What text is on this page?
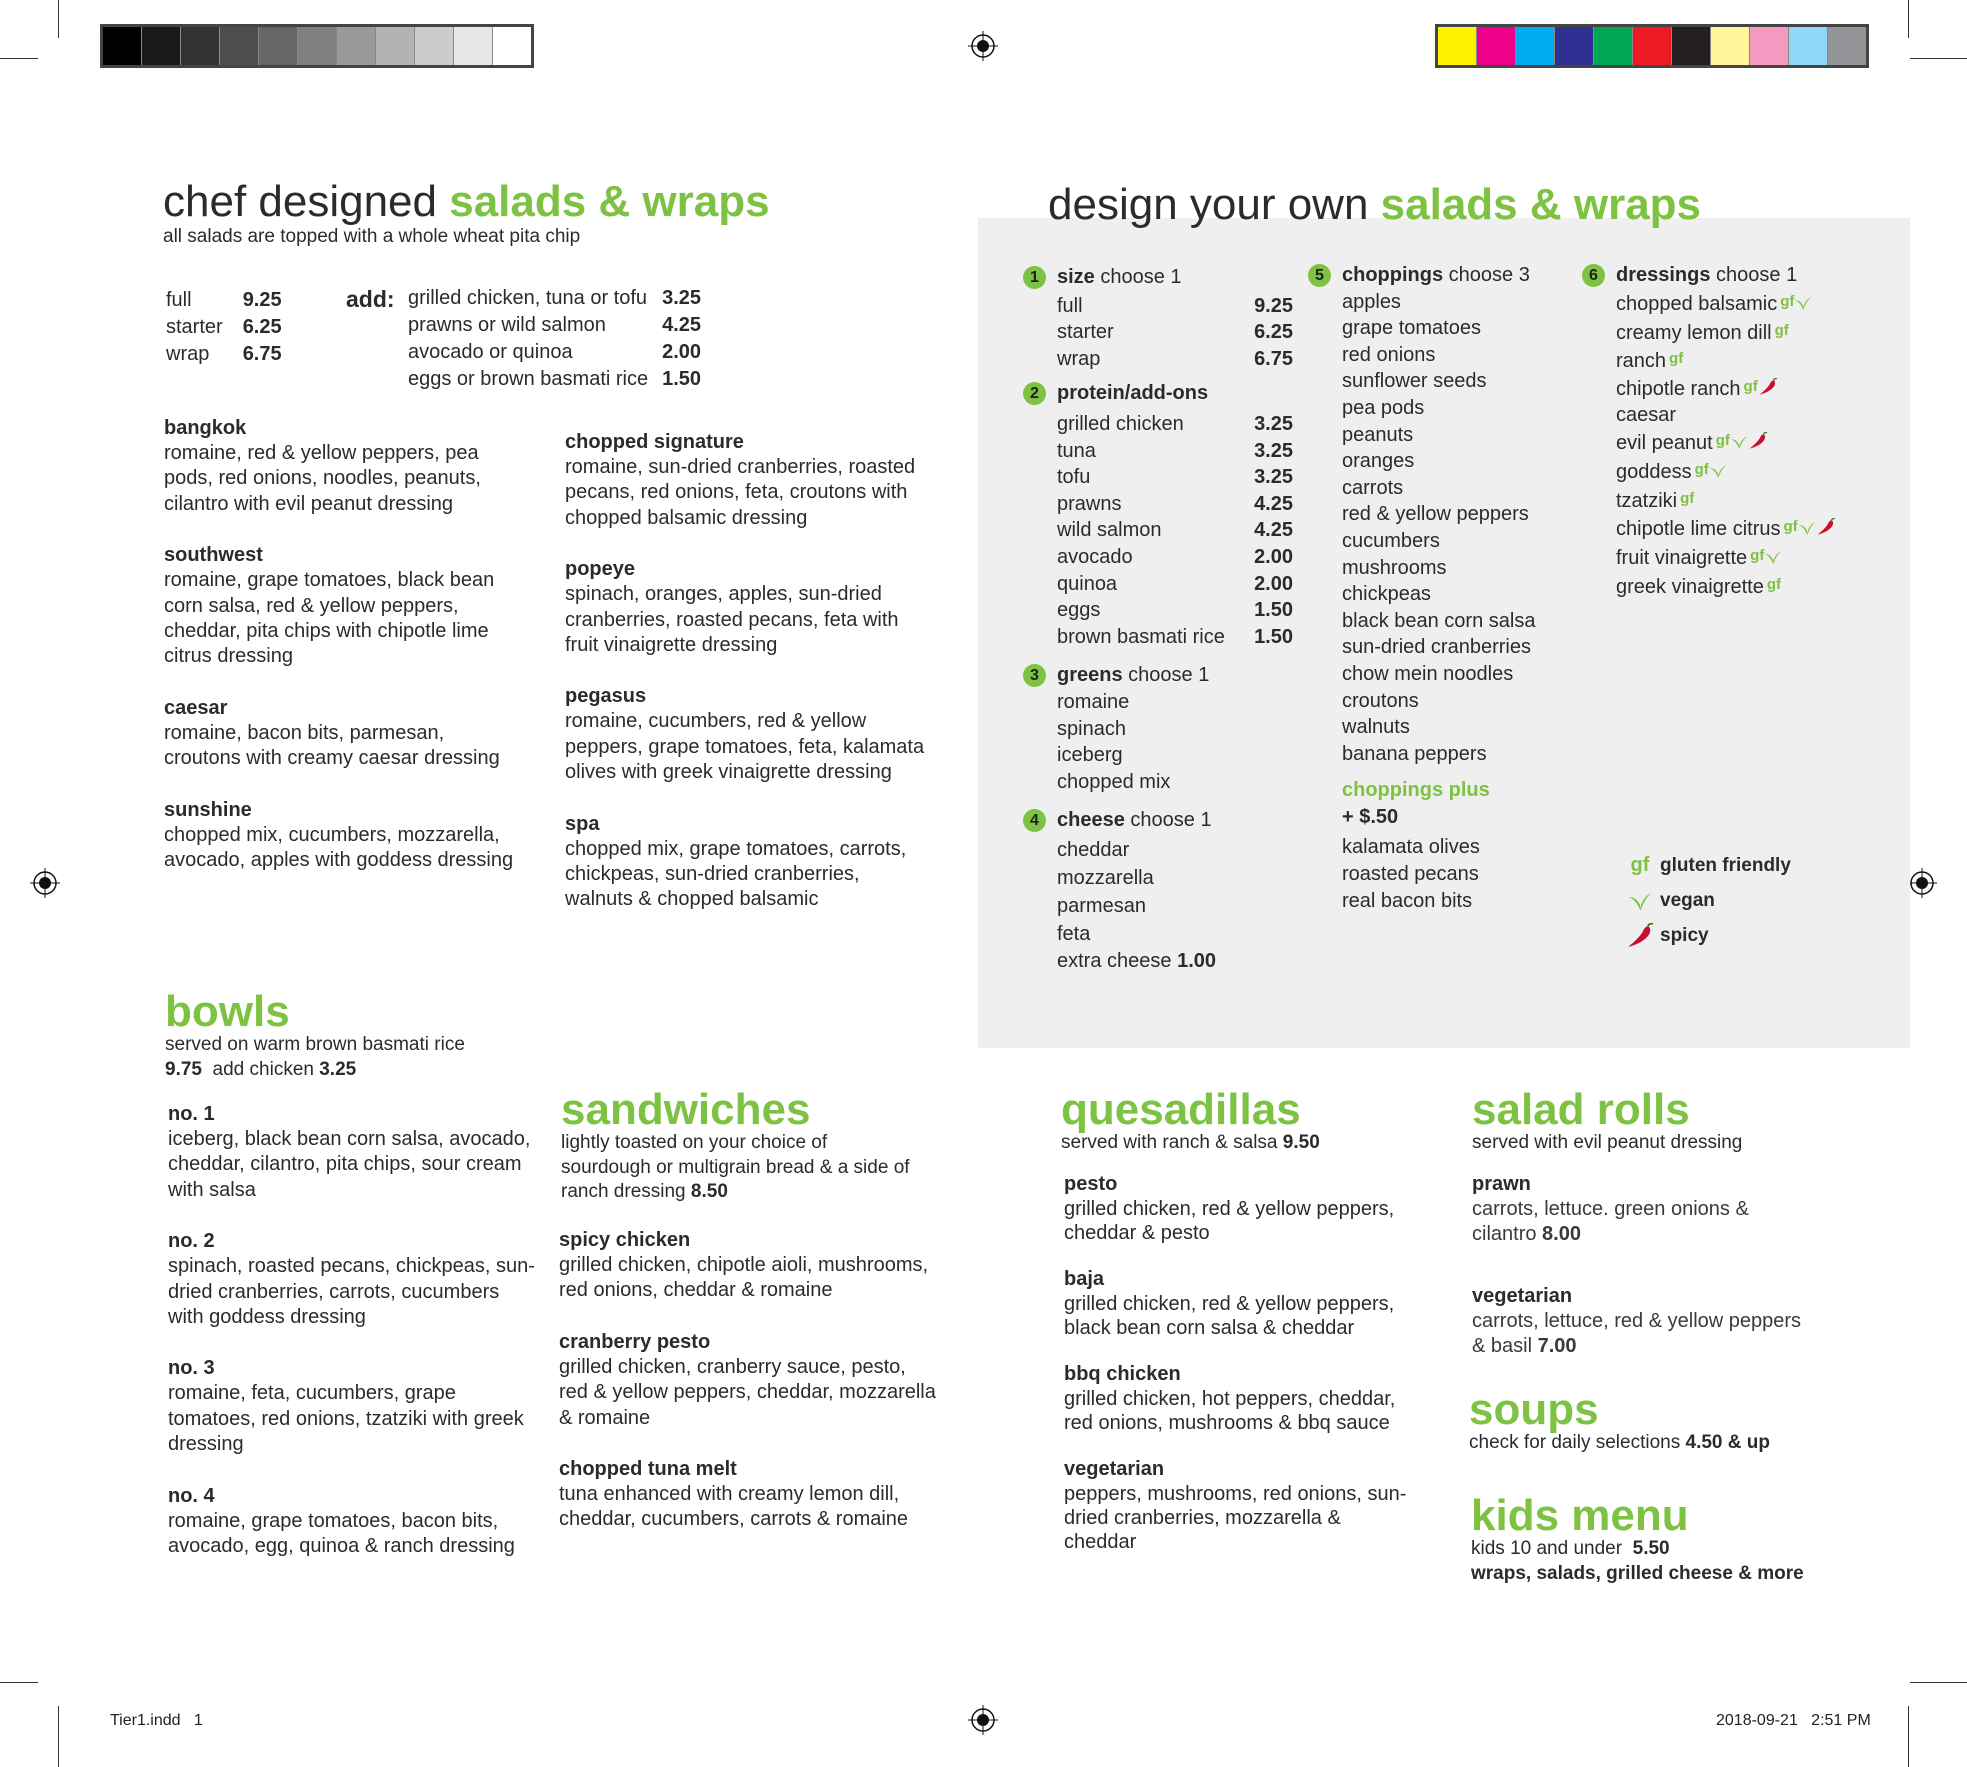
Tier1.indd   1	2018-09-21   2:51 PM
chef designed salads & wraps
all salads are topped with a whole wheat pita chip
full	9.25
starter	6.25
wrap	6.75
add: grilled chicken, tuna or tofu	3.25
prawns or wild salmon	4.25
avocado or quinoa	2.00
eggs or brown basmati rice	1.50
bangkok
romaine, red & yellow peppers, pea pods, red onions, noodles, peanuts, cilantro with evil peanut dressing
southwest
romaine, grape tomatoes, black bean corn salsa, red & yellow peppers, cheddar, pita chips with chipotle lime citrus dressing
caesar
romaine, bacon bits, parmesan, croutons with creamy caesar dressing
sunshine
chopped mix, cucumbers, mozzarella, avocado, apples with goddess dressing
chopped signature
romaine, sun-dried cranberries, roasted pecans, red onions, feta, croutons with chopped balsamic dressing
popeye
spinach, oranges, apples, sun-dried cranberries, roasted pecans, feta with fruit vinaigrette dressing
pegasus
romaine, cucumbers, red & yellow peppers, grape tomatoes, feta, kalamata olives with greek vinaigrette dressing
spa
chopped mix, grape tomatoes, carrots, chickpeas, sun-dried cranberries, walnuts & chopped balsamic
bowls
served on warm brown basmati rice
9.75 add chicken 3.25
no. 1
iceberg, black bean corn salsa, avocado, cheddar, cilantro, pita chips, sour cream with salsa
no. 2
spinach, roasted pecans, chickpeas, sun-dried cranberries, carrots, cucumbers with goddess dressing
no. 3
romaine, feta, cucumbers, grape tomatoes, red onions, tzatziki with greek dressing
no. 4
romaine, grape tomatoes, bacon bits, avocado, egg, quinoa & ranch dressing
sandwiches
lightly toasted on your choice of sourdough or multigrain bread & a side of ranch dressing 8.50
spicy chicken
grilled chicken, chipotle aioli, mushrooms, red onions, cheddar & romaine
cranberry pesto
grilled chicken, cranberry sauce, pesto, red & yellow peppers, cheddar, mozzarella & romaine
chopped tuna melt
tuna enhanced with creamy lemon dill, cheddar, cucumbers, carrots & romaine
design your own salads & wraps
1 size choose 1
full	9.25
starter	6.25
wrap	6.75
2 protein/add-ons
grilled chicken	3.25
tuna	3.25
tofu	3.25
prawns	4.25
wild salmon	4.25
avocado	2.00
quinoa	2.00
eggs	1.50
brown basmati rice 1.50
3 greens choose 1
romaine
spinach
iceberg
chopped mix
4 cheese choose 1
cheddar
mozzarella
parmesan
feta
extra cheese 1.00
5 choppings choose 3
apples
grape tomatoes
red onions
sunflower seeds
pea pods
peanuts
oranges
carrots
red & yellow peppers
cucumbers
mushrooms
chickpeas
black bean corn salsa
sun-dried cranberries
chow mein noodles
croutons
walnuts
banana peppers
choppings plus
+ $.50
kalamata olives
roasted pecans
real bacon bits
6 dressings choose 1
chopped balsamic $^{gf}$
creamy lemon dill $^{gf}$
ranch $^{gf}$
chipotle ranch $^{gf}$
caesar
evil peanut $^{gf}$
goddess $^{gf}$
tzatziki $^{gf}$
chipotle lime citrus $^{gf}$
fruit vinaigrette $^{gf}$
greek vinaigrette $^{gf}$
gf gluten friendly
vegan
spicy
quesadillas
served with ranch & salsa 9.50
pesto
grilled chicken, red & yellow peppers, cheddar & pesto
baja
grilled chicken, red & yellow peppers, black bean corn salsa & cheddar
bbq chicken
grilled chicken, hot peppers, cheddar, red onions, mushrooms & bbq sauce
vegetarian
peppers, mushrooms, red onions, sun-dried cranberries, mozzarella & cheddar
salad rolls
served with evil peanut dressing
prawn
carrots, lettuce. green onions & cilantro 8.00
vegetarian
carrots, lettuce, red & yellow peppers & basil 7.00
soups
check for daily selections 4.50 & up
kids menu
kids 10 and under 5.50
wraps, salads, grilled cheese & more
